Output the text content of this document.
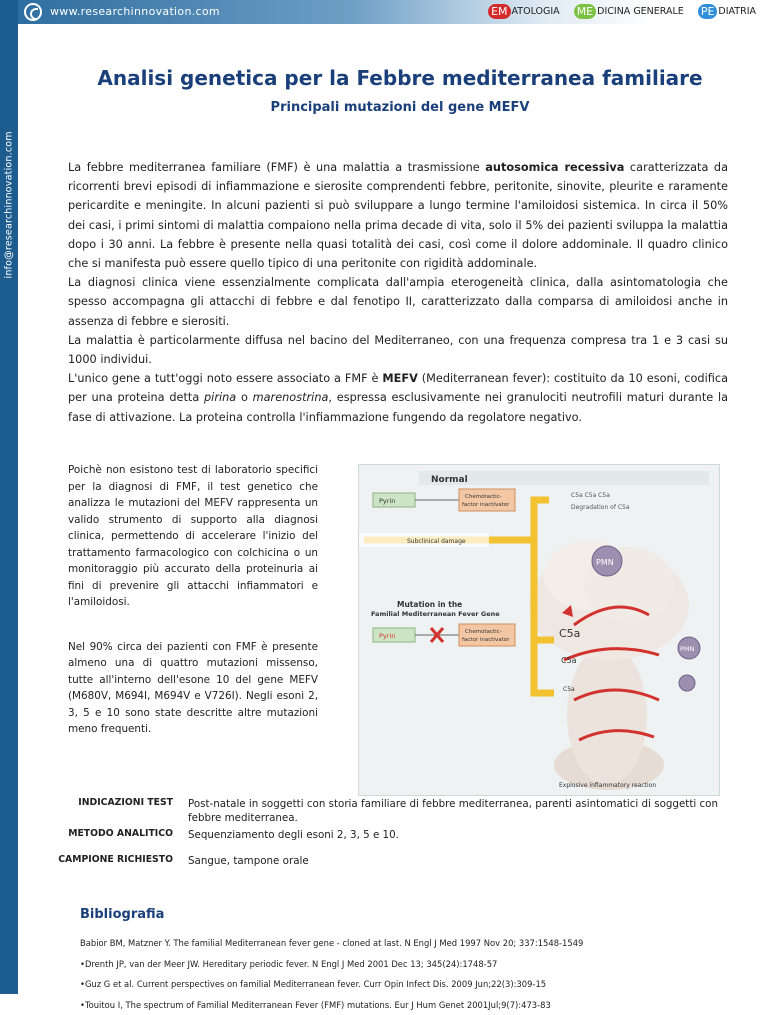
info@researchinnovation.com
www.researchinnovation.com	EM ATOLOGIA ME DICINA GENERALE PE DIATRIA
Analisi genetica per la Febbre mediterranea familiare
Principali mutazioni del gene MEFV

La febbre mediterranea familiare (FMF) è una malattia a trasmissione autosomica recessiva caratterizzata da ricorrenti brevi episodi di infiammazione e sierosite comprendenti febbre, peritonite, sinovite, pleurite e raramente pericardite e meningite. In alcuni pazienti si può sviluppare a lungo termine l'amiloidosi sistemica. In circa il 50% dei casi, i primi sintomi di malattia compaiono nella prima decade di vita, solo il 5% dei pazienti sviluppa la malattia dopo i 30 anni. La febbre è presente nella quasi totalità dei casi, così come il dolore addominale. Il quadro clinico che si manifesta può essere quello tipico di una peritonite con rigidità addominale.

La diagnosi clinica viene essenzialmente complicata dall'ampia eterogeneità clinica, dalla asintomatologia che spesso accompagna gli attacchi di febbre e dal fenotipo II, caratterizzato dalla comparsa di amiloidosi anche in assenza di febbre e sierositi.

La malattia è particolarmente diffusa nel bacino del Mediterraneo, con una frequenza compresa tra 1 e 3 casi su 1000 individui.

L'unico gene a tutt'oggi noto essere associato a FMF è MEFV (Mediterranean fever): costituito da 10 esoni, codifica per una proteina detta pirina o marenostrina, espressa esclusivamente nei granulociti neutrofili maturi durante la fase di attivazione. La proteina controlla l'infiammazione fungendo da regolatore negativo.

Poichè non esistono test di laboratorio specifici per la diagnosi di FMF, il test genetico che analizza le mutazioni del MEFV rappresenta un valido strumento di supporto alla diagnosi clinica, permettendo di accelerare l'inizio del trattamento farmacologico con colchicina o un monitoraggio più accurato della proteinuria ai fini di prevenire gli attacchi infiammatori e l'amiloidosi.

Nel 90% circa dei pazienti con FMF è presente almeno una di quattro mutazioni missenso, tutte all'interno dell'esone 10 del gene MEFV (M680V, M694I, M694V e V726I). Negli esoni 2, 3, 5 e 10 sono state descritte altre mutazioni meno frequenti.

Normal
Pyrin	Chemotactic-
factor inactivator
C5a C5a C5a
Degradation of C5a
Subclinical damage
Mutation in the
Familial Mediterranean Fever Gene
Pyrin	Chemotactic-
factor inactivator
PMN
PMN
C5a
C5a
C5a
Explosive inflammatory reaction
INDICAZIONI TEST Post-natale in soggetti con storia familiare di febbre mediterranea, parenti asintomatici di soggetti con febbre mediterranea.
METODO ANALITICO Sequenziamento degli esoni 2, 3, 5 e 10.
CAMPIONE RICHIESTO Sangue, tampone orale
Bibliografia
Babior BM, Matzner Y. The familial Mediterranean fever gene - cloned at last. N Engl J Med 1997 Nov 20; 337:1548-1549
•Drenth JP, van der Meer JW. Hereditary periodic fever. N Engl J Med 2001 Dec 13; 345(24):1748-57
•Guz G et al. Current perspectives on familial Mediterranean fever. Curr Opin Infect Dis. 2009 Jun;22(3):309-15
•Touitou I, The spectrum of Familial Mediterranean Fever (FMF) mutations. Eur J Hum Genet 2001Jul;9(7):473-83
